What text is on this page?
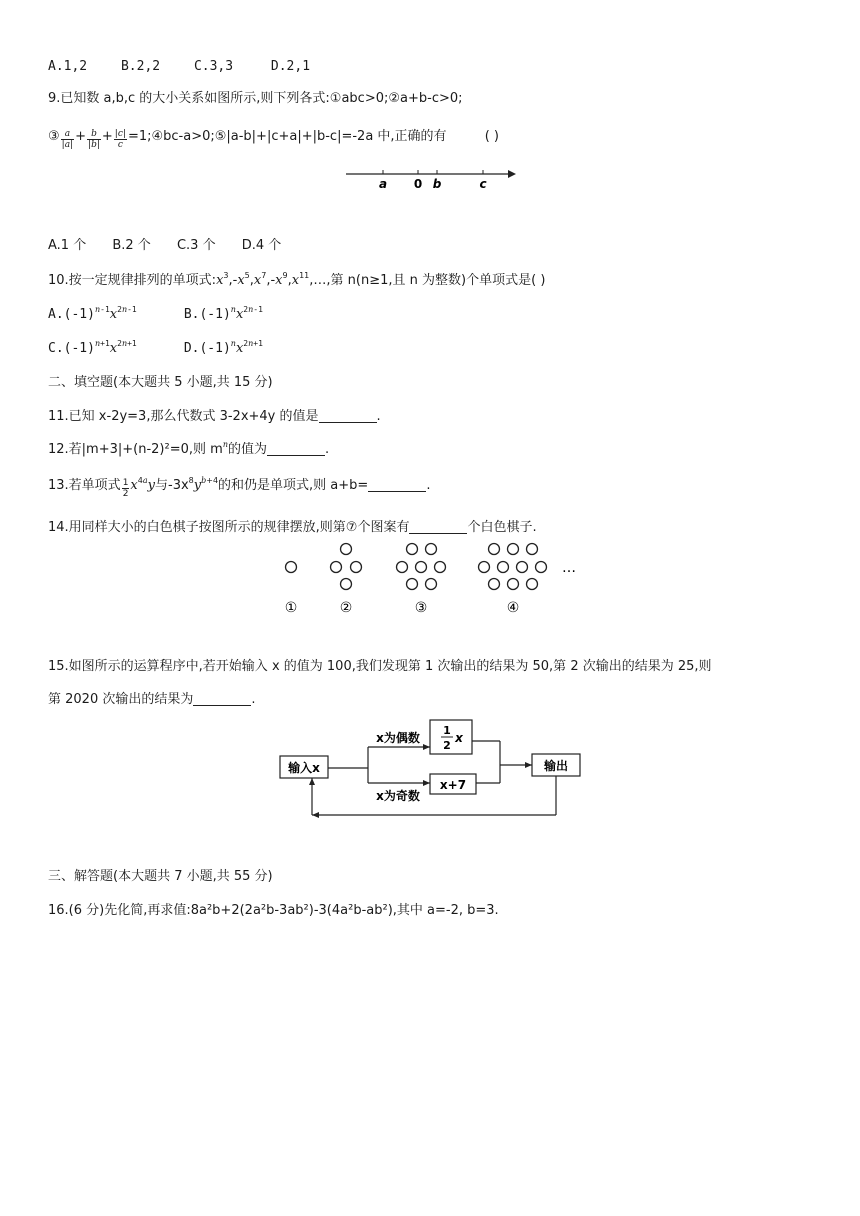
A.1,2	B.2,2	C.3,3	D.2,1
9.已知数 a,b,c 的大小关系如图所示,则下列各式:①abc>0;②a+b-c>0;
③ $\frac{a}{|a|} + \frac{b}{|b|} + \frac{|c|}{c}$ =1;④bc-a>0;⑤|a-b|+|c+a|+|b-c|=-2a 中,正确的有	( )
a 0 b	c
A.1 个 B.2 个 C.3 个 D.4 个
10.按一定规律排列的单项式$:x^3,-x^5,x^7,-x^9,x^{11},\dots$,第 n(n≥1,且 n 为整数)个单项式是( )
$A.(-1)^{n-1}x^{2n-1}$	$B.(-1)^nx^{2n-1}$
$C.(-1)^{n+1}x^{2n+1}$	$D.(-1)^nx^{2n+1}$
二、填空题(本大题共 5 小题,共 15 分)
11.已知 x-2y=3,那么代数式 3-2x+4y 的值是	.
12.若|m+3|+(n-2)²=0,则 $m^n$的值为	.
13.若单项式 $\frac{1}{2} x^{4a}y$与$-3x^8y^{b+4}$的和仍是单项式,则 a+b=	.
14.用同样大小的白色棋子按图所示的规律摆放,则第⑦个图案有	个白色棋子.
…
①	②	③	④
15.如图所示的运算程序中,若开始输入 x 的值为 100,我们发现第 1 次输出的结果为 50,第 2 次输出的结果为 25,则
第 2020 次输出的结果为	.
输入x
x为偶数
x为奇数
1
2
x
x+7
输出
三、解答题(本大题共 7 小题,共 55 分)
16.(6 分)先化简,再求值:8a²b+2(2a²b-3ab²)-3(4a²b-ab²),其中 a=-2, b=3.
